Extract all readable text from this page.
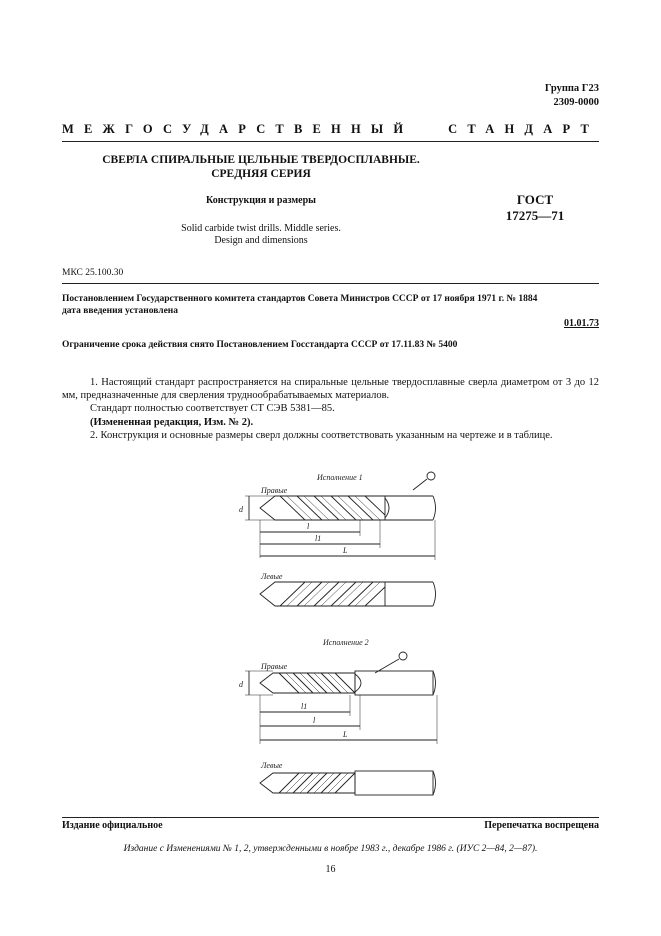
Группа Г23
2309-0000
МЕЖГОСУДАРСТВЕННЫЙ	СТАНДАРТ
СВЕРЛА СПИРАЛЬНЫЕ ЦЕЛЬНЫЕ ТВЕРДОСПЛАВНЫЕ.
СРЕДНЯЯ СЕРИЯ
Конструкция и размеры
Solid carbide twist drills. Middle series.
Design and dimensions
ГОСТ
17275—71
МКС 25.100.30
Постановлением Государственного комитета стандартов Совета Министров СССР от 17 ноября 1971 г. № 1884
дата введения установлена
01.01.73
Ограничение срока действия снято Постановлением Госстандарта СССР от 17.11.83 № 5400

1. Настоящий стандарт распространяется на спиральные цельные твердосплавные сверла диаметром от 3 до 12 мм, предназначенные для сверления труднообрабатываемых материалов.

Стандарт полностью соответствует СТ СЭВ 5381—85.

(Измененная редакция, Изм. № 2).

2. Конструкция и основные размеры сверл должны соответствовать указанным на чертеже и в таблице.

Исполнение 1
Правые
d
l
l1
L
Левые
Исполнение 2
Правые
d
l1
l
L
Левые
Издание официальное	Перепечатка воспрещена
Издание с Изменениями № 1, 2, утвержденными в ноябре 1983 г., декабре 1986 г. (ИУС 2—84, 2—87).
16
